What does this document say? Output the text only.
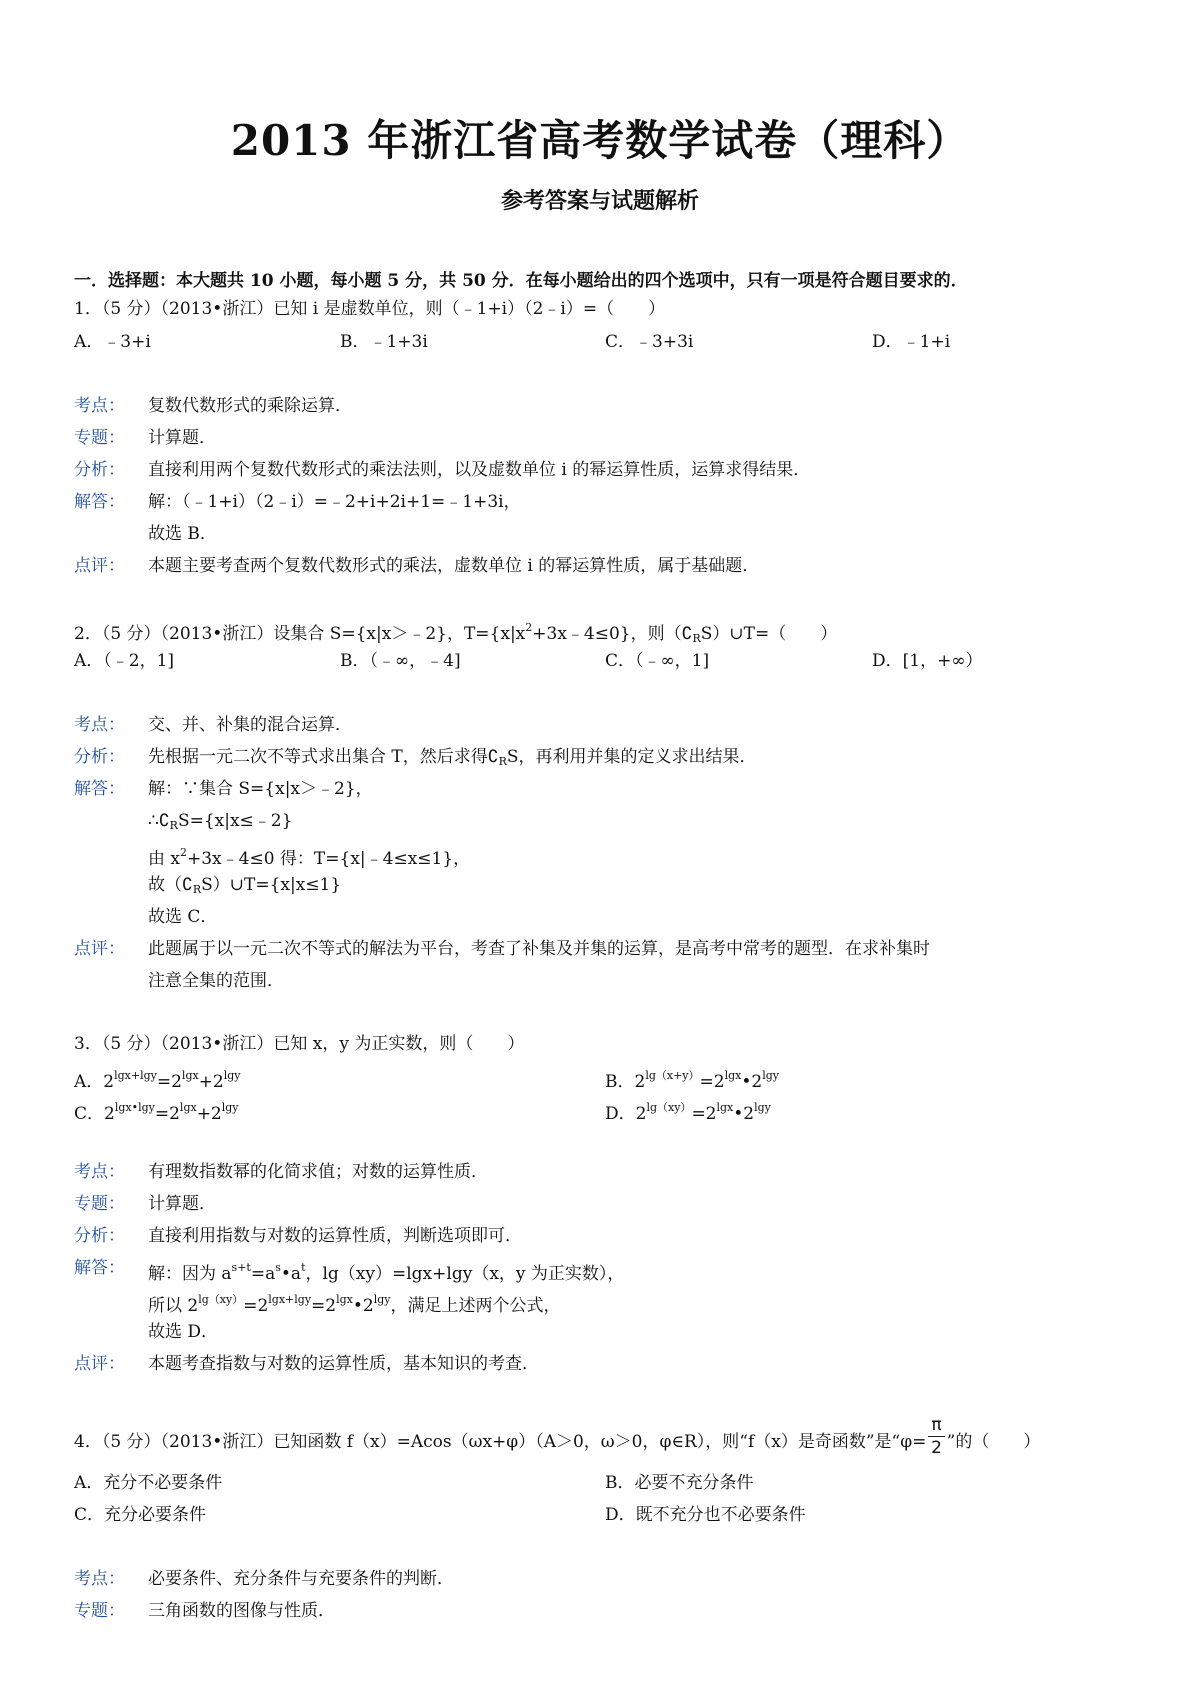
2013 年浙江省高考数学试卷（理科）
参考答案与试题解析
一．选择题：本大题共 10 小题，每小题 5 分，共 50 分．在每小题给出的四个选项中，只有一项是符合题目要求的．
1．（5 分）（2013•浙江）已知 i 是虚数单位，则（﹣1+i）（2﹣i）=（　　）
A．﹣3+i	B．﹣1+3i	C．﹣3+3i	D．﹣1+i
考点： 复数代数形式的乘除运算．
专题： 计算题．
分析： 直接利用两个复数代数形式的乘法法则，以及虚数单位 i 的幂运算性质，运算求得结果．
解答： 解：（﹣1+i）（2﹣i）=﹣2+i+2i+1=﹣1+3i，
故选 B．
点评： 本题主要考查两个复数代数形式的乘法，虚数单位 i 的幂运算性质，属于基础题．
2．（5 分）（2013•浙江）设集合 S={x|x＞﹣2}，$T=\{x|x^2+3x﹣4\le 0\}$，则$(∁_RS)\cup T=$（　　）
A．（﹣2，1]	B．（﹣∞，﹣4]	C．（﹣∞，1]	D．[1，+∞）
考点： 交、并、补集的混合运算．
分析： 先根据一元二次不等式求出集合 T，然后求得$∁_RS$，再利用并集的定义求出结果．
解答： 解：∵集合 S={x|x＞﹣2}，
$\therefore∁_RS=\{x|x\le﹣2\}$
由 $x^2+3x﹣4\le 0$ 得：T={x|﹣4≤x≤1}，
故$(∁_RS)\cup T=\{x|x\le 1\}$
故选 C．
点评： 此题属于以一元二次不等式的解法为平台，考查了补集及并集的运算，是高考中常考的题型．在求补集时
注意全集的范围．
3．（5 分）（2013•浙江）已知 x，y 为正实数，则（　　）
A．$2^{lgx+lgy}=2^{lgx}+2^{lgy}$	B．$2^{lg(x+y)}=2^{lgx}•2^{lgy}$
C．$2^{lgx•lgy}=2^{lgx}+2^{lgy}$	D．$2^{lg(xy)}=2^{lgx}•2^{lgy}$
考点： 有理数指数幂的化简求值；对数的运算性质．
专题： 计算题．
分析： 直接利用指数与对数的运算性质，判断选项即可．
解答： 解：因为 $a^{s+t}=a^s•a^t$，lg（xy）=lgx+lgy（x，y 为正实数），
所以 $2^{lg(xy)}=2^{lgx+lgy}=2^{lgx}•2^{lgy}$，满足上述两个公式，
故选 D．
点评： 本题考查指数与对数的运算性质，基本知识的考查．
4．（5 分）（2013•浙江）已知函数 f（x）=Acos（ωx+φ）（A＞0，ω＞0，φ∈R），则“f（x）是奇函数”是“$\varphi= \frac{\pi}{2}$ ”的（　　）
A．充分不必要条件	B．必要不充分条件
C．充分必要条件	D．既不充分也不必要条件
考点： 必要条件、充分条件与充要条件的判断．
专题： 三角函数的图像与性质．
